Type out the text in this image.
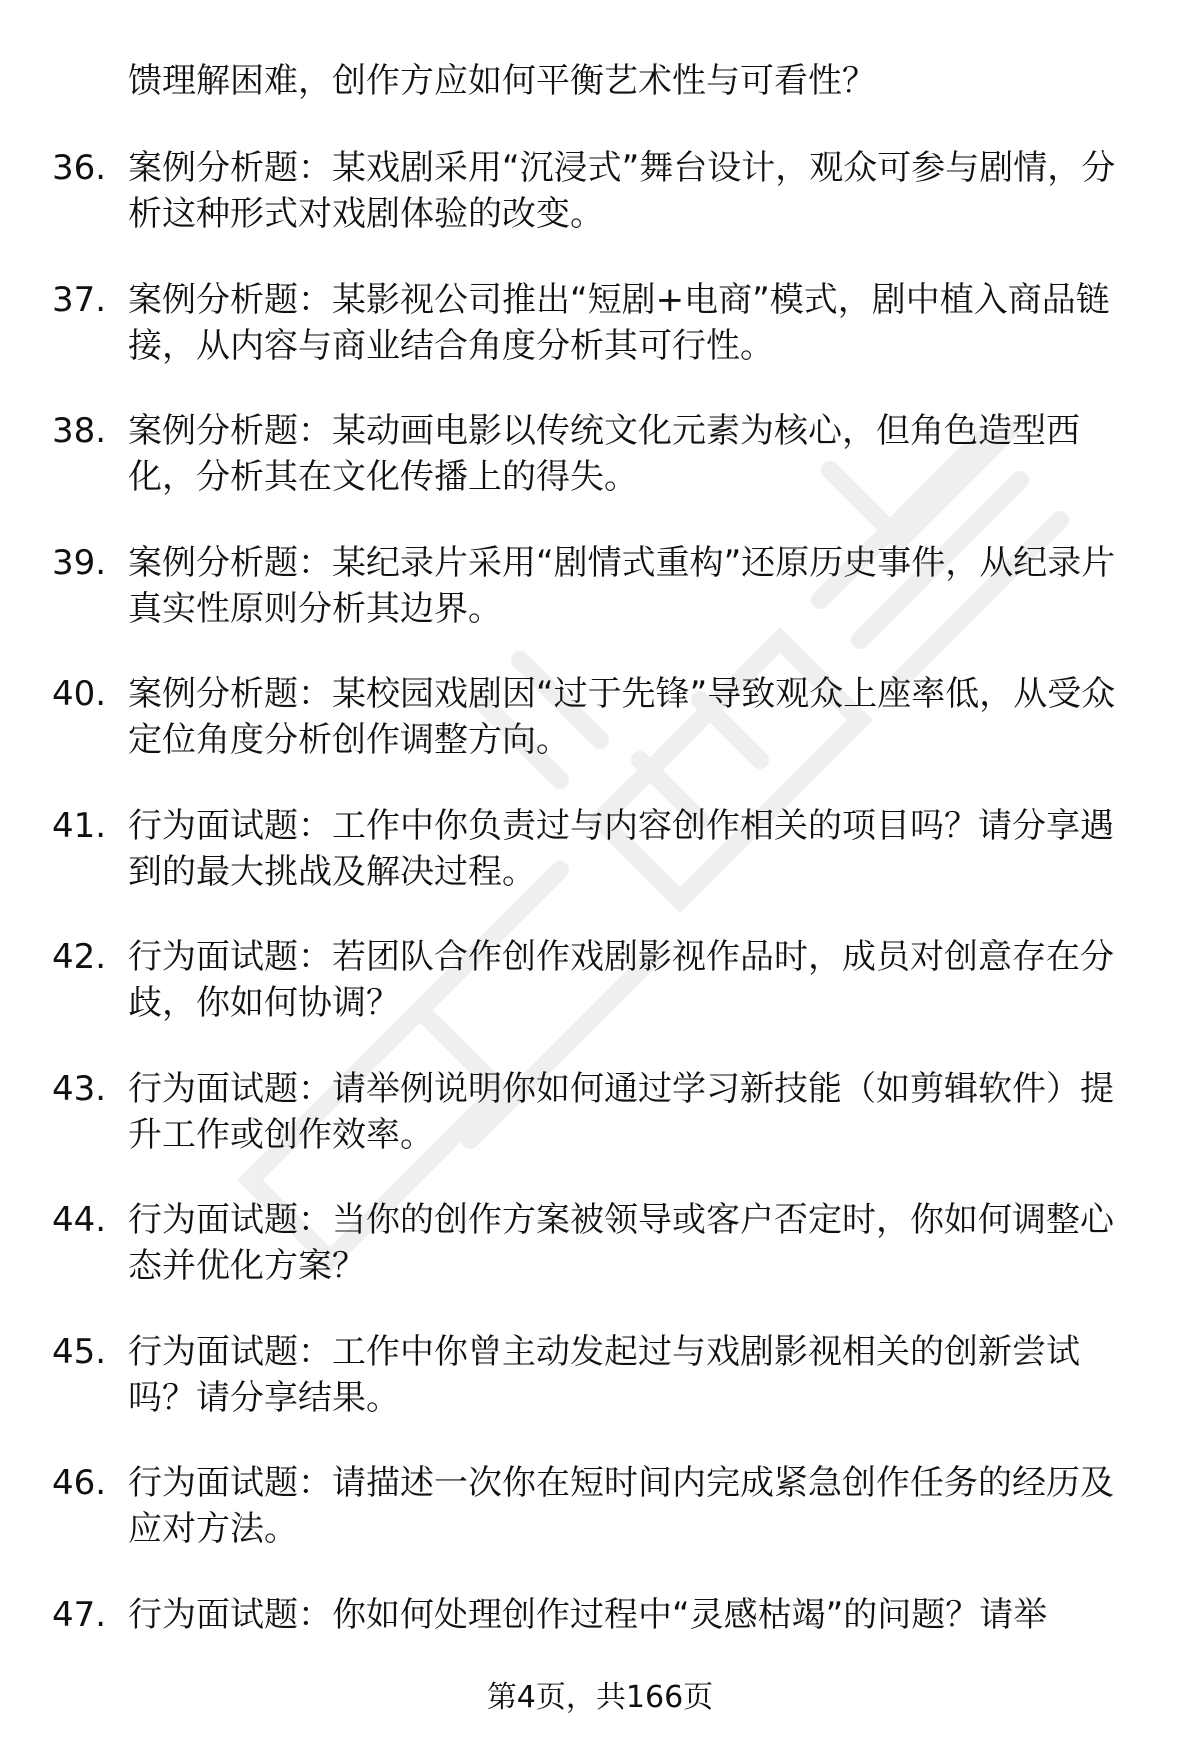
馈理解困难，创作方应如何平衡艺术性与可看性？
36. 案例分析题：某戏剧采用“沉浸式”舞台设计，观众可参与剧情，分析这种形式对戏剧体验的改变。
37. 案例分析题：某影视公司推出“短剧+电商”模式，剧中植入商品链接，从内容与商业结合角度分析其可行性。
38. 案例分析题：某动画电影以传统文化元素为核心，但角色造型西化，分析其在文化传播上的得失。
39. 案例分析题：某纪录片采用“剧情式重构”还原历史事件，从纪录片真实性原则分析其边界。
40. 案例分析题：某校园戏剧因“过于先锋”导致观众上座率低，从受众定位角度分析创作调整方向。
41. 行为面试题：工作中你负责过与内容创作相关的项目吗？请分享遇到的最大挑战及解决过程。
42. 行为面试题：若团队合作创作戏剧影视作品时，成员对创意存在分歧，你如何协调？
43. 行为面试题：请举例说明你如何通过学习新技能（如剪辑软件）提升工作或创作效率。
44. 行为面试题：当你的创作方案被领导或客户否定时，你如何调整心态并优化方案？
45. 行为面试题：工作中你曾主动发起过与戏剧影视相关的创新尝试吗？请分享结果。
46. 行为面试题：请描述一次你在短时间内完成紧急创作任务的经历及应对方法。
47. 行为面试题：你如何处理创作过程中“灵感枯竭”的问题？请举
第4页，共166页
